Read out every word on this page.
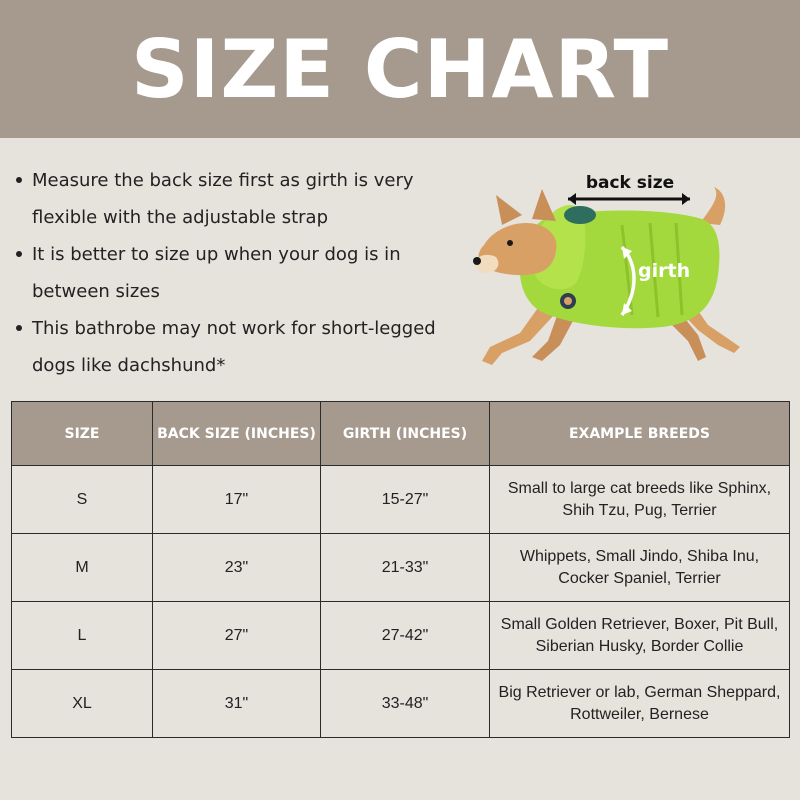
SIZE CHART
Measure the back size first as girth is very flexible with the adjustable strap
It is better to size up when your dog is in between sizes
This bathrobe may not work for short-legged dogs like dachshund*
back size
girth
SIZE	BACK SIZE (INCHES)	GIRTH (INCHES)	EXAMPLE BREEDS
S	17"	15-27"	Small to large cat breeds like Sphinx, Shih Tzu, Pug, Terrier
M	23"	21-33"	Whippets, Small Jindo, Shiba Inu, Cocker Spaniel, Terrier
L	27"	27-42"	Small Golden Retriever, Boxer, Pit Bull, Siberian Husky, Border Collie
XL	31"	33-48"	Big Retriever or lab, German Sheppard, Rottweiler, Bernese
